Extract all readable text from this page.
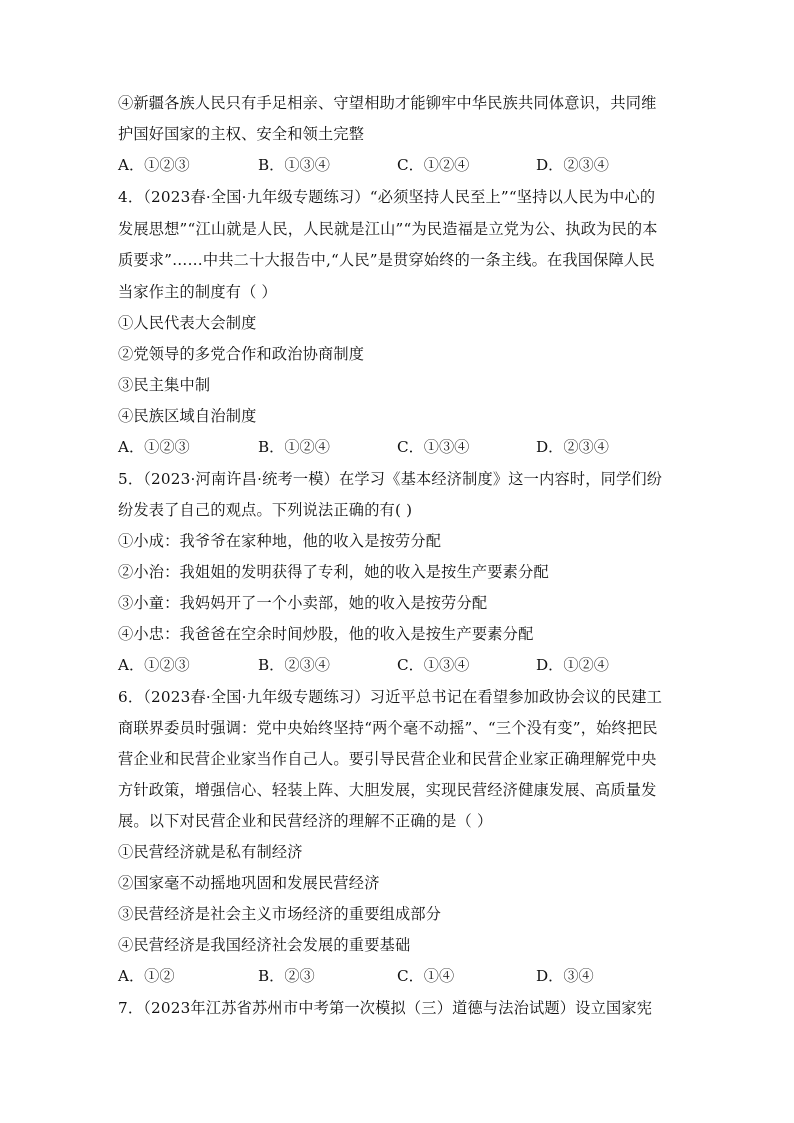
④新疆各族人民只有手足相亲、守望相助才能铆牢中华民族共同体意识，共同维
护国好国家的主权、安全和领土完整
A．①②③	B．①③④	C．①②④	D．②③④
4．（2023春·全国·九年级专题练习）“必须坚持人民至上”“坚持以人民为中心的
发展思想”“江山就是人民，人民就是江山”“为民造福是立党为公、执政为民的本
质要求”……中共二十大报告中,“人民”是贯穿始终的一条主线。在我国保障人民
当家作主的制度有（ ）
①人民代表大会制度
②党领导的多党合作和政治协商制度
③民主集中制
④民族区域自治制度
A．①②③	B．①②④	C．①③④	D．②③④
5．（2023·河南许昌·统考一模）在学习《基本经济制度》这一内容时，同学们纷
纷发表了自己的观点。下列说法正确的有( )
①小成：我爷爷在家种地，他的收入是按劳分配
②小治：我姐姐的发明获得了专利，她的收入是按生产要素分配
③小童：我妈妈开了一个小卖部，她的收入是按劳分配
④小忠：我爸爸在空余时间炒股，他的收入是按生产要素分配
A．①②③	B．②③④	C．①③④	D．①②④
6．（2023春·全国·九年级专题练习）习近平总书记在看望参加政协会议的民建工
商联界委员时强调：党中央始终坚持“两个毫不动摇”、“三个没有变”，始终把民
营企业和民营企业家当作自己人。要引导民营企业和民营企业家正确理解党中央
方针政策，增强信心、轻装上阵、大胆发展，实现民营经济健康发展、高质量发
展。以下对民营企业和民营经济的理解不正确的是（ ）
①民营经济就是私有制经济
②国家毫不动摇地巩固和发展民营经济
③民营经济是社会主义市场经济的重要组成部分
④民营经济是我国经济社会发展的重要基础
A．①②	B．②③	C．①④	D．③④
7．（2023年江苏省苏州市中考第一次模拟（三）道德与法治试题）设立国家宪
